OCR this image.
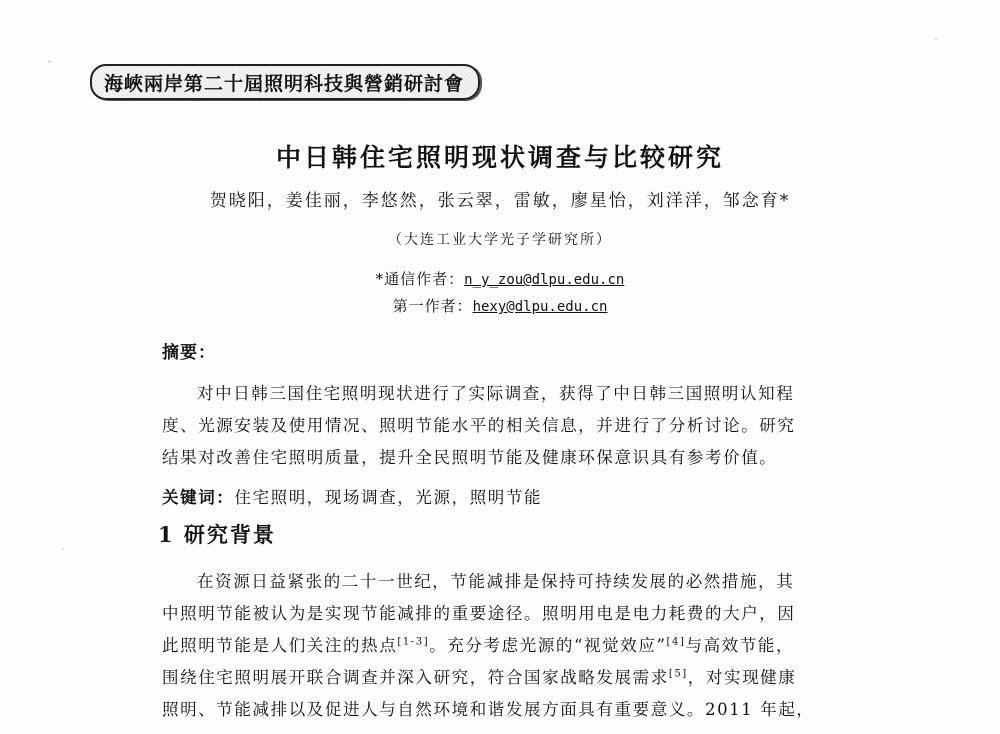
海峽兩岸第二十屆照明科技與營銷研討會
中日韩住宅照明现状调查与比较研究
贺晓阳，姜佳丽，李悠然，张云翠，雷敏，廖星怡，刘洋洋，邹念育*
（大连工业大学光子学研究所）
*通信作者：n_y_zou@dlpu.edu.cn
第一作者：hexy@dlpu.edu.cn
摘要：
对中日韩三国住宅照明现状进行了实际调查，获得了中日韩三国照明认知程
度、光源安装及使用情况、照明节能水平的相关信息，并进行了分析讨论。研究
结果对改善住宅照明质量，提升全民照明节能及健康环保意识具有参考价值。
关键词：住宅照明，现场调查，光源，照明节能
1 研究背景
在资源日益紧张的二十一世纪，节能减排是保持可持续发展的必然措施，其
中照明节能被认为是实现节能减排的重要途径。照明用电是电力耗费的大户，因
此照明节能是人们关注的热点[1-3]。充分考虑光源的“视觉效应”[4]与高效节能，
围绕住宅照明展开联合调查并深入研究，符合国家战略发展需求[5]，对实现健康
照明、节能减排以及促进人与自然环境和谐发展方面具有重要意义。2011 年起，
